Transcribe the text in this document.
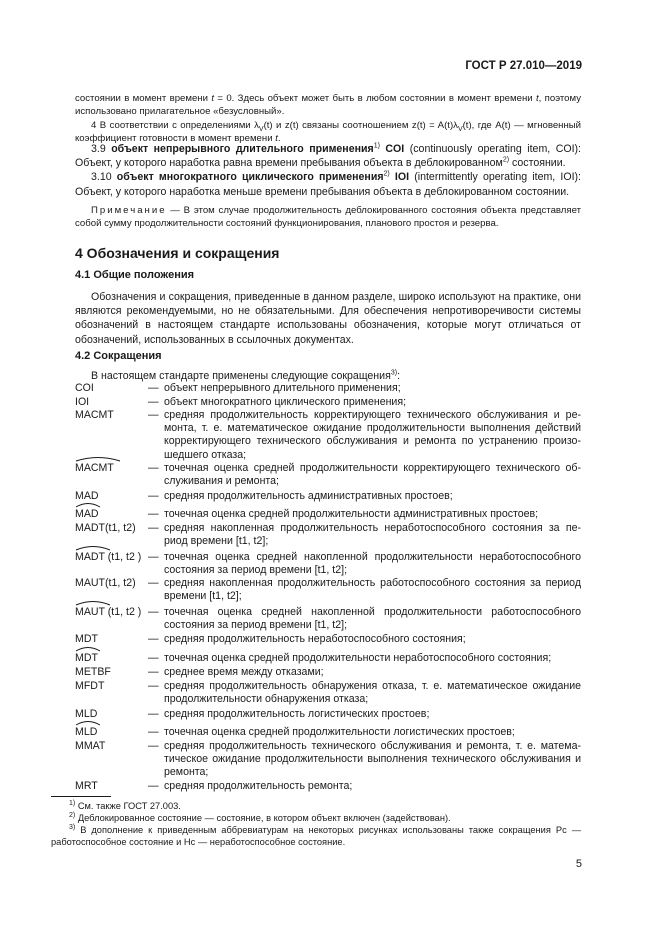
ГОСТ Р 27.010—2019

состоянии в момент времени t = 0. Здесь объект может быть в любом состоянии в момент времени t, поэтому использовано прилагательное «безусловный».

4 В соответствии с определениями $\lambda_V(t)$ и z(t) связаны соотношением $z(t) = A(t)\lambda_V(t)$, где A(t) — мгновенный коэффициент готовности в момент времени t.

3.9 объект непрерывного длительного применения$^{1)}$ COI (continuously operating item, COI): Объект, у которого наработка равна времени пребывания объекта в деблокированном$^{2)}$ состоянии.

3.10 объект многократного циклического применения$^{2)}$ IOI (intermittently operating item, IOI): Объект, у которого наработка меньше времени пребывания объекта в деблокированном состоянии.

Примечание — В этом случае продолжительность деблокированного состояния объекта представляет собой сумму продолжительности состояний функционирования, планового простоя и резерва.

4 Обозначения и сокращения
4.1 Общие положения

Обозначения и сокращения, приведенные в данном разделе, широко используют на практике, они являются рекомендуемыми, но не обязательными. Для обеспечения непротиворечивости системы обозначений в настоящем стандарте использованы обозначения, которые могут отличаться от обозначений, использованных в ссылочных документах.

4.2 Сокращения

В настоящем стандарте применены следующие сокращения$^{3)}$:

COI	— объект непрерывного длительного применения;
IOI	— объект многократного циклического применения;
MACMT	— средняя продолжительность корректирующего технического обслуживания и ремонта, т. е. математическое ожидание продолжительности выполнения действий корректирующего технического обслуживания и ремонта по устранению произошедшего отказа;
MACMT	— точечная оценка средней продолжительности корректирующего технического обслуживания и ремонта;
MAD	— средняя продолжительность административных простоев;
MAD	— точечная оценка средней продолжительности административных простоев;
MADT(t1, t2) — средняя накопленная продолжительность неработоспособного состояния за период времени [t1, t2];
MADT (t1, t2 ) — точечная оценка средней накопленной продолжительности неработоспособного состояния за период времени [t1, t2];
MAUT(t1, t2) — средняя накопленная продолжительность работоспособного состояния за период времени [t1, t2];
MAUT (t1, t2 ) — точечная оценка средней накопленной продолжительности работоспособного состояния за период времени [t1, t2];
MDT	— средняя продолжительность неработоспособного состояния;
MDT	— точечная оценка средней продолжительности неработоспособного состояния;
METBF	— среднее время между отказами;
MFDT	— средняя продолжительность обнаружения отказа, т. е. математическое ожидание продолжительности обнаружения отказа;
MLD	— средняя продолжительность логистических простоев;
MLD	— точечная оценка средней продолжительности логистических простоев;
MMAT	— средняя продолжительность технического обслуживания и ремонта, т. е. математическое ожидание продолжительности выполнения технического обслуживания и ремонта;
MRT	— средняя продолжительность ремонта;
$^{1)}$ См. также ГОСТ 27.003.
$^{2)}$ Деблокированное состояние — состояние, в котором объект включен (задействован).
$^{3)}$ В дополнение к приведенным аббревиатурам на некоторых рисунках использованы также сокращения Рс — работоспособное состояние и Нс — неработоспособное состояние.
5
